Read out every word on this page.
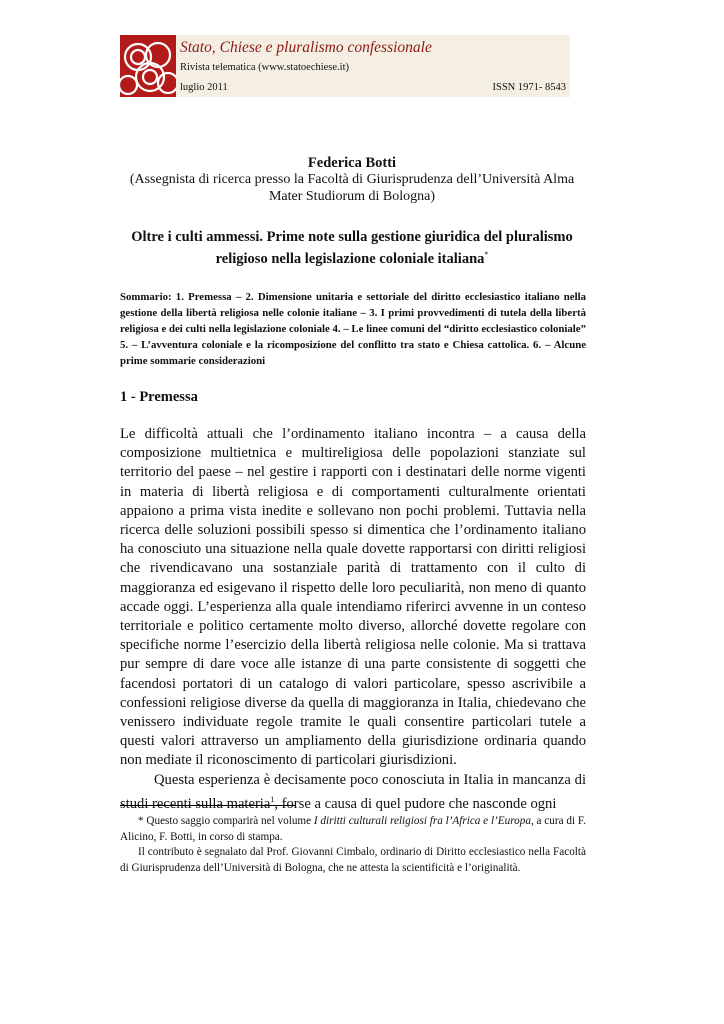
Stato, Chiese e pluralismo confessionale
Rivista telematica (www.statoechiese.it)
luglio 2011	ISSN 1971- 8543
Federica Botti
(Assegnista di ricerca presso la Facoltà di Giurisprudenza dell’Università Alma Mater Studiorum di Bologna)
Oltre i culti ammessi. Prime note sulla gestione giuridica del pluralismo religioso nella legislazione coloniale italiana*
Sommario: 1. Premessa – 2. Dimensione unitaria e settoriale del diritto ecclesiastico italiano nella gestione della libertà religiosa nelle colonie italiane – 3. I primi provvedimenti di tutela della libertà religiosa e dei culti nella legislazione coloniale 4. – Le linee comuni del “diritto ecclesiastico coloniale” 5. – L’avventura coloniale e la ricomposizione del conflitto tra stato e Chiesa cattolica. 6. – Alcune prime sommarie considerazioni
1 - Premessa

Le difficoltà attuali che l’ordinamento italiano incontra – a causa della composizione multietnica e multireligiosa delle popolazioni stanziate sul territorio del paese – nel gestire i rapporti con i destinatari delle norme vigenti in materia di libertà religiosa e di comportamenti culturalmente orientati appaiono a prima vista inedite e sollevano non pochi problemi. Tuttavia nella ricerca delle soluzioni possibili spesso si dimentica che l’ordinamento italiano ha conosciuto una situazione nella quale dovette rapportarsi con diritti religiosi che rivendicavano una sostanziale parità di trattamento con il culto di maggioranza ed esigevano il rispetto delle loro peculiarità, non meno di quanto accade oggi. L’esperienza alla quale intendiamo riferirci avvenne in un conteso territoriale e politico certamente molto diverso, allorché dovette regolare con specifiche norme l’esercizio della libertà religiosa nelle colonie. Ma si trattava pur sempre di dare voce alle istanze di una parte consistente di soggetti che facendosi portatori di un catalogo di valori particolare, spesso ascrivibile a confessioni religiose diverse da quella di maggioranza in Italia, chiedevano che venissero individuate regole tramite le quali consentire particolari tutele a questi valori attraverso un ampliamento della giurisdizione ordinaria quando non mediate il riconoscimento di particolari giurisdizioni.

Questa esperienza è decisamente poco conosciuta in Italia in mancanza di studi recenti sulla materia$^1$, forse a causa di quel pudore che nasconde ogni

* Questo saggio comparirà nel volume I diritti culturali religiosi fra l’Africa e l’Europa, a cura di F. Alicino, F. Botti, in corso di stampa.

Il contributo è segnalato dal Prof. Giovanni Cimbalo, ordinario di Diritto ecclesiastico nella Facoltà di Giurisprudenza dell’Università di Bologna, che ne attesta la scientificità e l’originalità.
